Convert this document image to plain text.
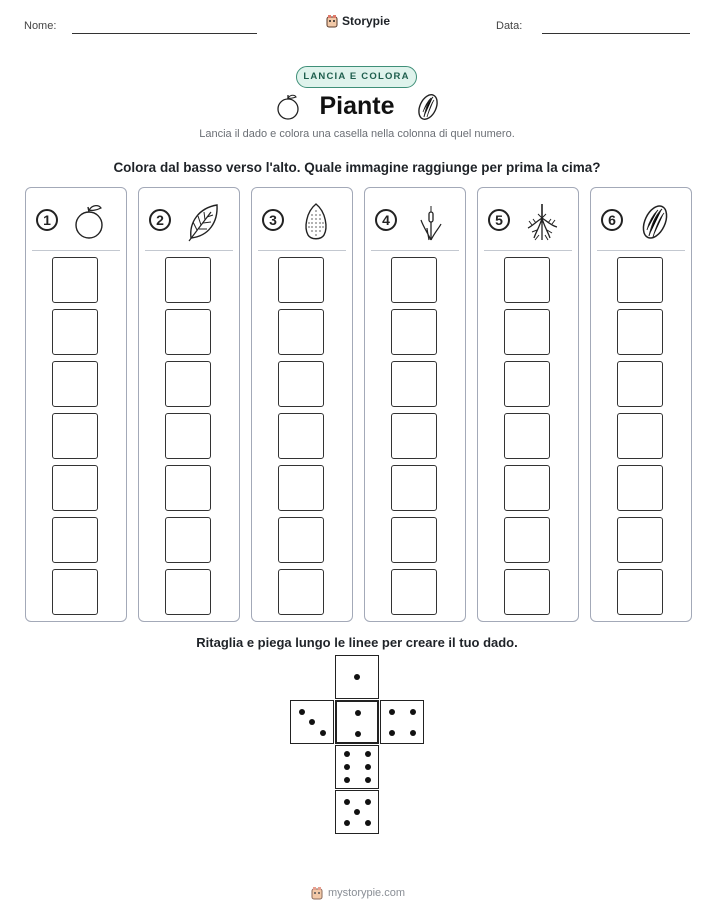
Nome:	Storypie	Data:
LANCIA E COLORA
Piante
Lancia il dado e colora una casella nella colonna di quel numero.
Colora dal basso verso l'alto. Quale immagine raggiunge per prima la cima?
1	2	3	4	5	6
Ritaglia e piega lungo le linee per creare il tuo dado.
mystorypie.com
